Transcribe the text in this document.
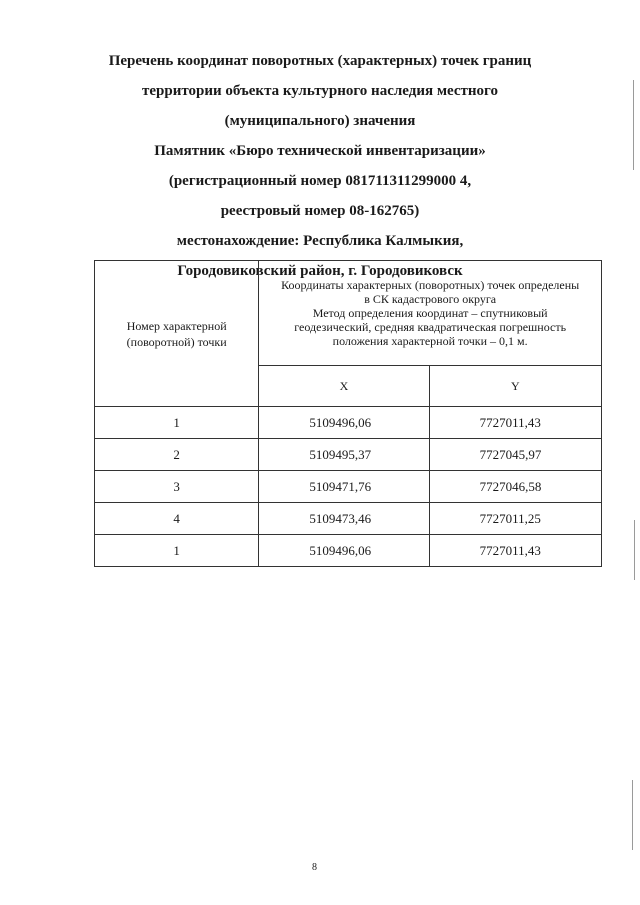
Перечень координат поворотных (характерных) точек границ
территории объекта культурного наследия местного
(муниципального) значения
Памятник «Бюро технической инвентаризации»
(регистрационный номер 081711311299000 4,
реестровый номер 08-162765)
местонахождение: Республика Калмыкия,
Городовиковский район, г. Городовиковск
Номер характерной
(поворотной) точки	Координаты характерных (поворотных) точек определены
в СК кадастрового округа
Метод определения координат – спутниковый
геодезический, средняя квадратическая погрешность
положения характерной точки – 0,1 м.	

	X	Y
1	5109496,06	7727011,43
2	5109495,37	7727045,97
3	5109471,76	7727046,58
4	5109473,46	7727011,25
1	5109496,06	7727011,43
8
